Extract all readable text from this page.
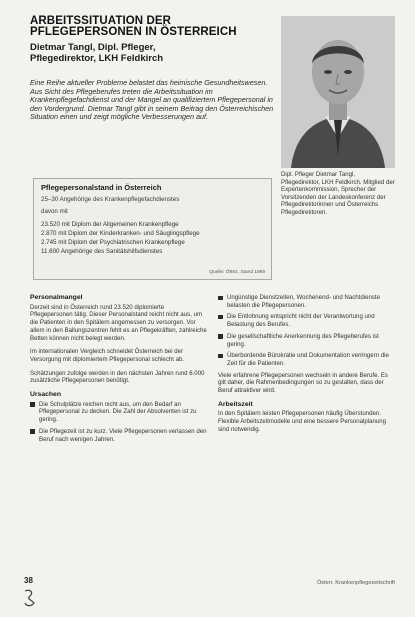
ARBEITSSITUATION DER
PFLEGEPERSONEN IN ÖSTERREICH
Dietmar Tangl, Dipl. Pfleger,
Pflegedirektor, LKH Feldkirch
Eine Reihe aktueller Probleme belastet das heimische Gesundheitswesen. Aus Sicht des Pflegeberufes treten die Arbeitssituation im Krankenpflegefachdienst und der Mangel an qualifiziertem Pflegepersonal in den Vordergrund. Dietmar Tangl gibt in seinem Beitrag den Österreichischen Situation einen und zeigt mögliche Verbesserungen auf.
Dipl. Pfleger Dietmar Tangl, Pflegedirektor, LKH Feldkirch. Mitglied der Expertenkommission, Sprecher der Vorsitzenden der Landeskonferenz der Pflegedirektorinnen und Österreichs Pflegedirektoren.
Pflegepersonalstand in Österreich
25–30 Angehörige des Krankenpflegefachdienstes
davon mit
23.520 mit Diplom der Allgemeinen Krankenpflege
2.870 mit Diplom der Kinderkranken- und Säuglingspflege
2.745 mit Diplom der Psychiatrischen Krankenpflege
11.600 Angehörige des Sanitätshilfsdienstes
Quelle: ÖBIG, Stand 1989
Personalmangel

Derzeit sind in Österreich rund 23.520 diplomierte Pflegepersonen tätig. Dieser Personalstand reicht nicht aus, um die Patienten in den Spitälern angemessen zu versorgen. Vor allem in den Ballungszentren fehlt es an Pflegekräften, zahlreiche Betten können nicht belegt werden.

Im internationalen Vergleich schneidet Österreich bei der Versorgung mit diplomiertem Pflegepersonal schlecht ab.

Schätzungen zufolge werden in den nächsten Jahren rund 6.000 zusätzliche Pflegepersonen benötigt.

Ursachen
Die Schulplätze reichen nicht aus, um den Bedarf an Pflegepersonal zu decken. Die Zahl der Absolventen ist zu gering.
Die Pflegezeit ist zu kurz. Viele Pflegepersonen verlassen den Beruf nach wenigen Jahren.
Ungünstige Dienstzeiten, Wochenend- und Nachtdienste belasten die Pflegepersonen.
Die Entlohnung entspricht nicht der Verantwortung und Belastung des Berufes.
Die gesellschaftliche Anerkennung des Pflegeberufes ist gering.
Überbordende Bürokratie und Dokumentation verringern die Zeit für die Patienten.

Viele erfahrene Pflegepersonen wechseln in andere Berufe. Es gilt daher, die Rahmenbedingungen so zu gestalten, dass der Beruf attraktiver wird.

Arbeitszeit

In den Spitälern leisten Pflegepersonen häufig Überstunden. Flexible Arbeitszeitmodelle und eine bessere Personalplanung sind notwendig.

38	Österr. Krankenpflegezeitschrift
